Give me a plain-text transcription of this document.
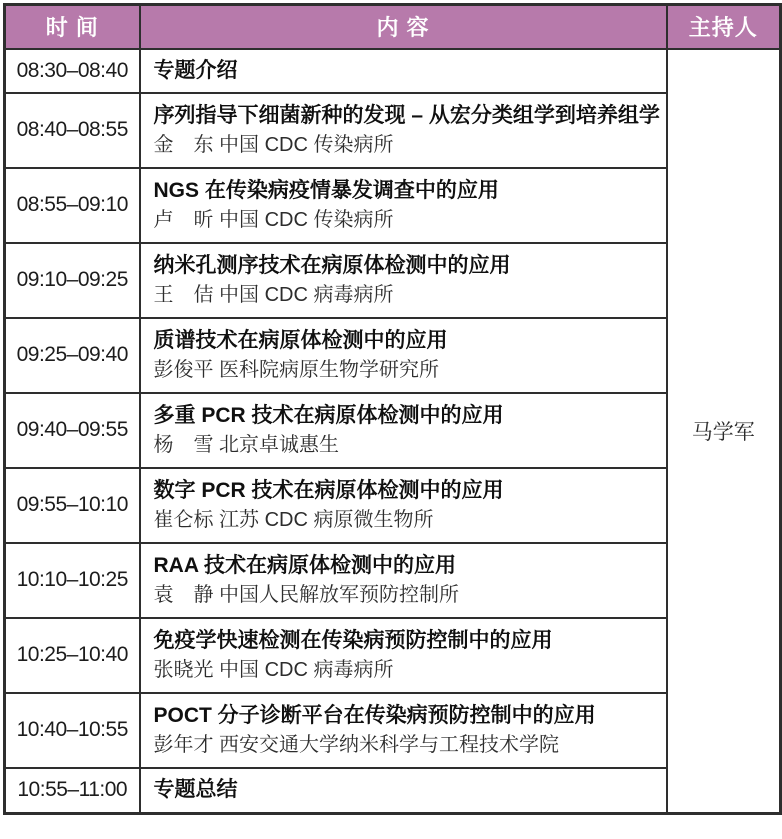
时 间	内 容	主持人
08:30–08:40	专题介绍	马学军
08:40–08:55	序列指导下细菌新种的发现 – 从宏分类组学到培养组学
金　东 中国 CDC 传染病所	

08:55–09:10	NGS 在传染病疫情暴发调查中的应用
卢　昕 中国 CDC 传染病所	

09:10–09:25	纳米孔测序技术在病原体检测中的应用
王　佶 中国 CDC 病毒病所	

09:25–09:40	质谱技术在病原体检测中的应用
彭俊平 医科院病原生物学研究所	

09:40–09:55	多重 PCR 技术在病原体检测中的应用
杨　雪 北京卓诚惠生	

09:55–10:10	数字 PCR 技术在病原体检测中的应用
崔仑标 江苏 CDC 病原微生物所	

10:10–10:25	RAA 技术在病原体检测中的应用
袁　静 中国人民解放军预防控制所	

10:25–10:40	免疫学快速检测在传染病预防控制中的应用
张晓光 中国 CDC 病毒病所	

10:40–10:55	POCT 分子诊断平台在传染病预防控制中的应用
彭年才 西安交通大学纳米科学与工程技术学院	

10:55–11:00	专题总结	
